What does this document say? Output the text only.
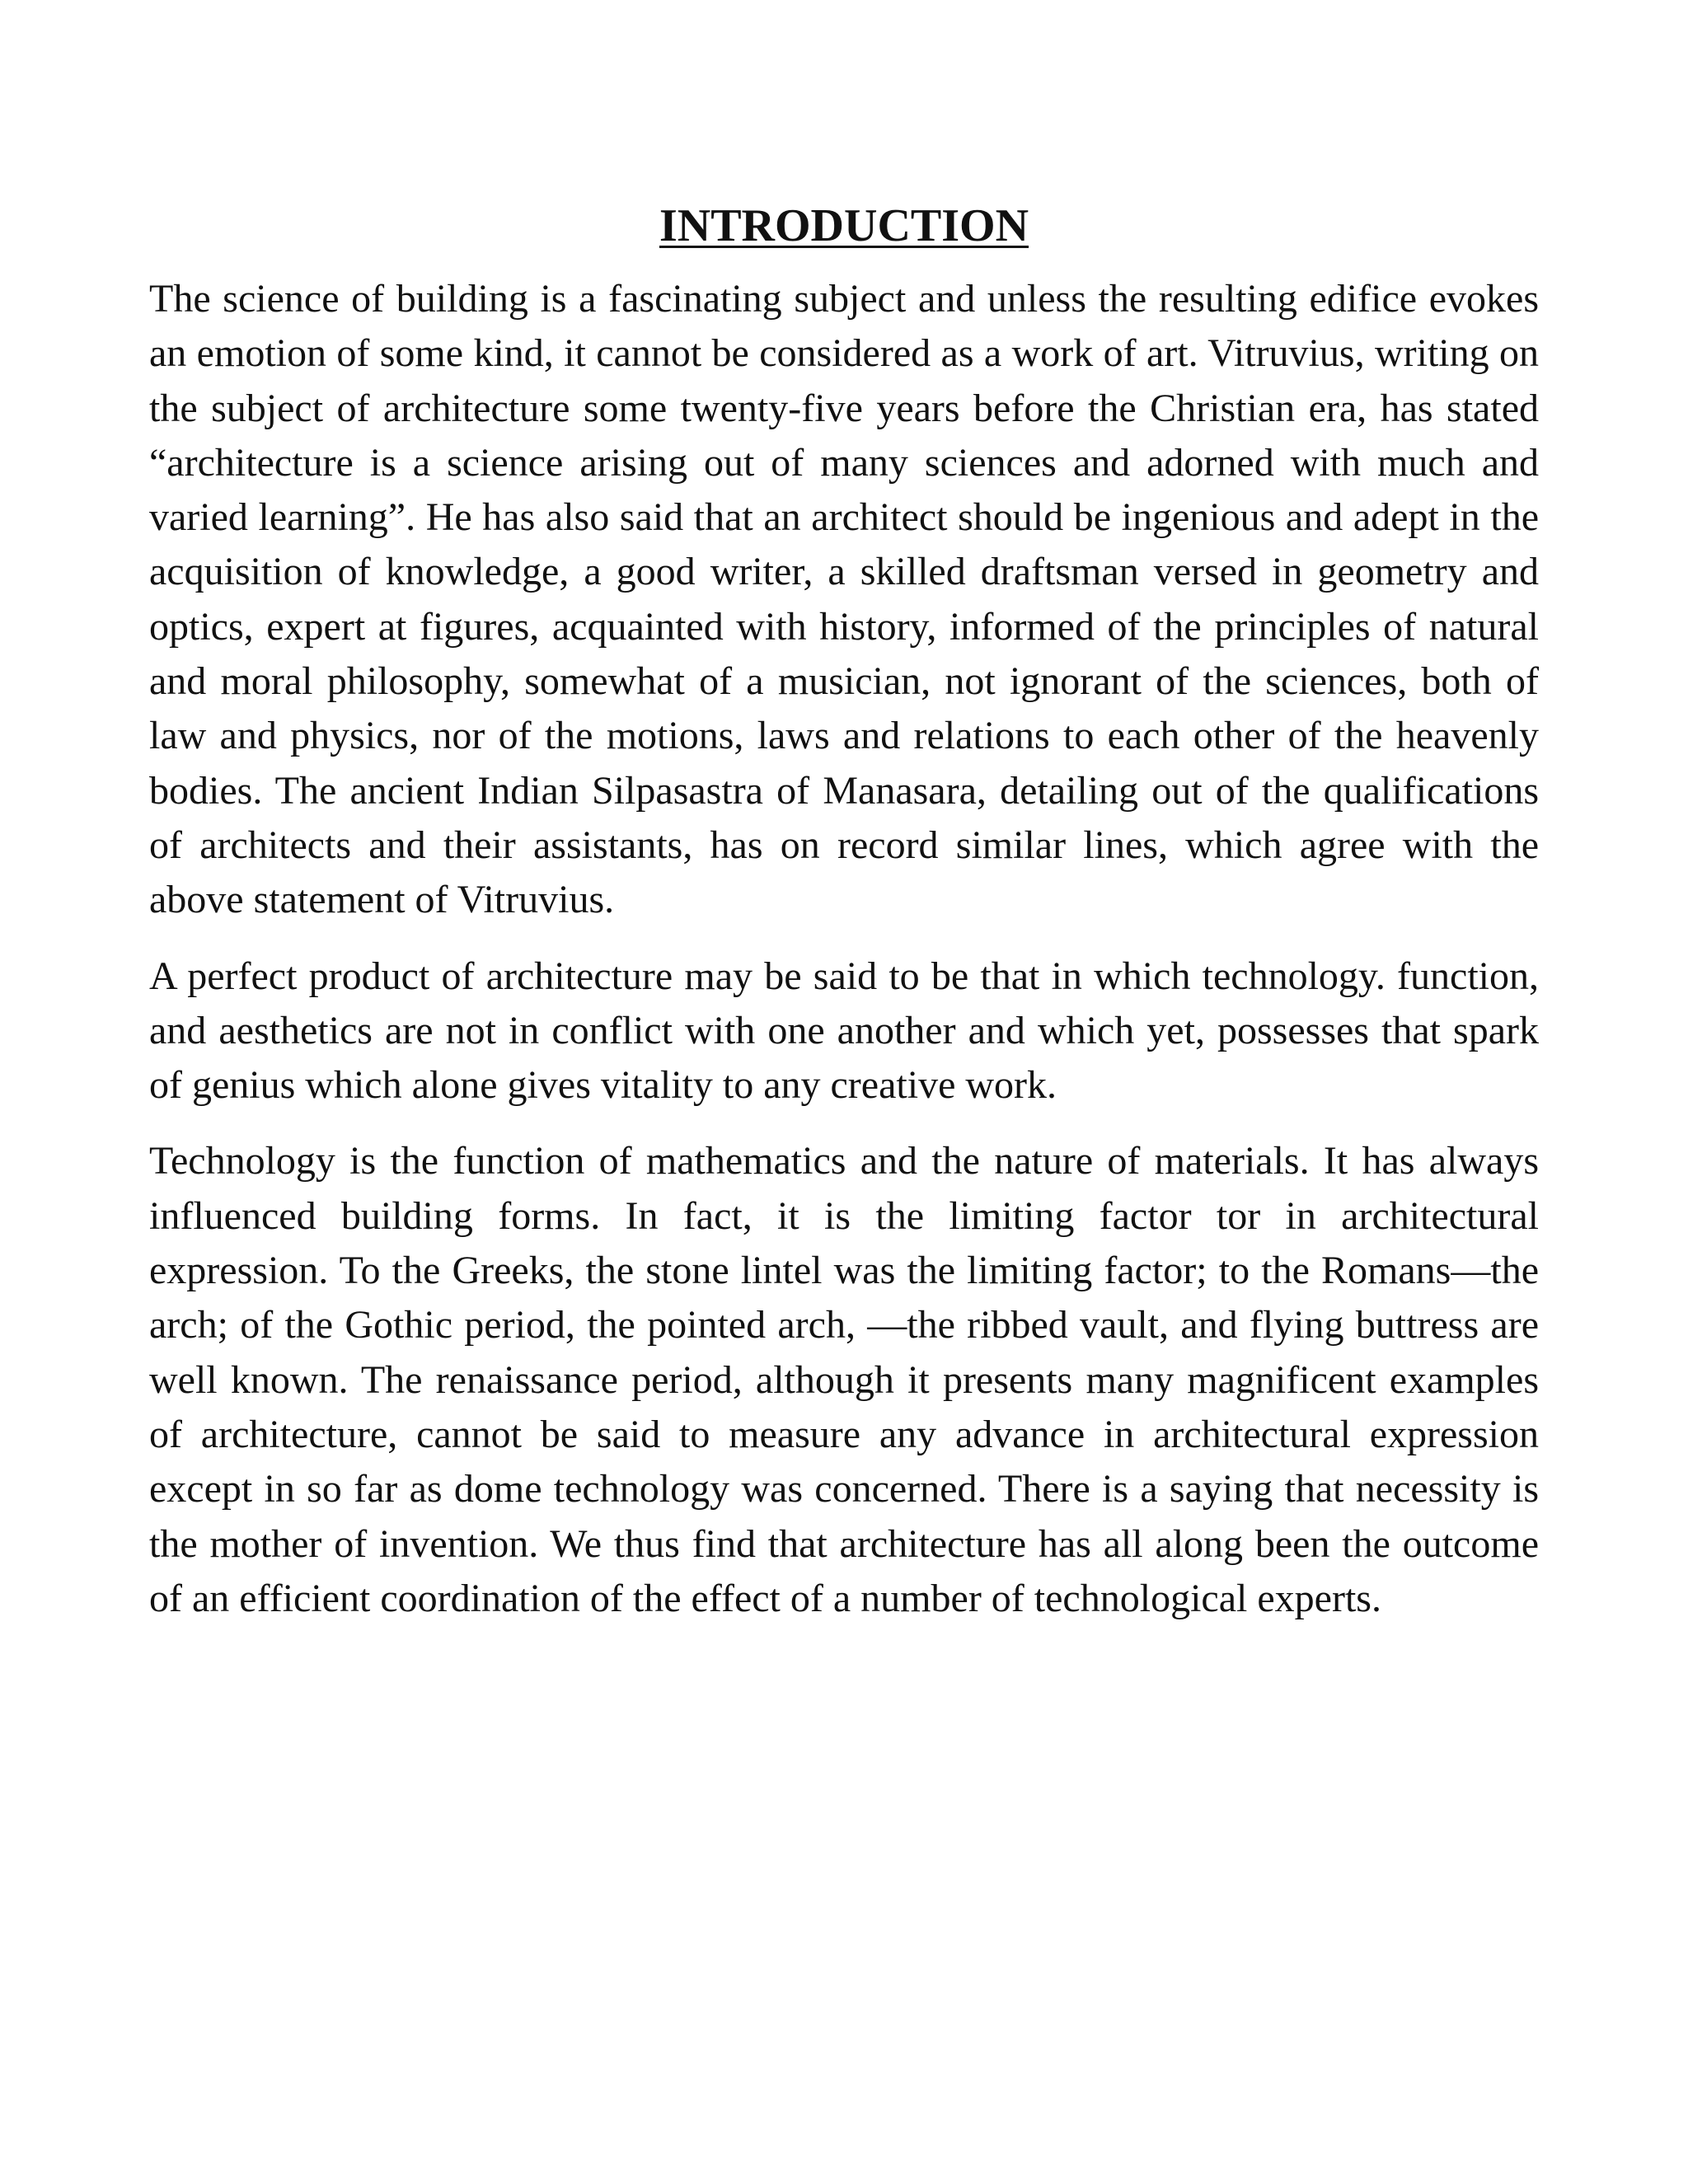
INTRODUCTION

The science of building is a fascinating subject and unless the resulting edifice evokes an emotion of some kind, it cannot be considered as a work of art. Vitruvius, writing on the subject of architecture some twenty-five years before the Christian era, has stated “architecture is a science arising out of many sciences and adorned with much and varied learning”. He has also said that an architect should be ingenious and adept in the acquisition of knowledge, a good writer, a skilled draftsman versed in geometry and optics, expert at figures, acquainted with history, informed of the principles of natural and moral philosophy, somewhat of a musician, not ignorant of the sciences, both of law and physics, nor of the motions, laws and relations to each other of the heavenly bodies. The ancient Indian Silpasastra of Manasara, detailing out of the qualifications of architects and their assistants, has on record similar lines, which agree with the above statement of Vitruvius.

A perfect product of architecture may be said to be that in which technology. function, and aesthetics are not in conflict with one another and which yet, possesses that spark of genius which alone gives vitality to any creative work.

Technology is the function of mathematics and the nature of materials. It has always influenced building forms. In fact, it is the limiting factor tor in architectural expression. To the Greeks, the stone lintel was the limiting factor; to the Romans—the arch; of the Gothic period, the pointed arch, —the ribbed vault, and flying buttress are well known. The renaissance period, although it presents many magnificent examples of architecture, cannot be said to measure any advance in architectural expression except in so far as dome technology was concerned. There is a saying that necessity is the mother of invention. We thus find that architecture has all along been the outcome of an efficient coordination of the effect of a number of technological experts.
